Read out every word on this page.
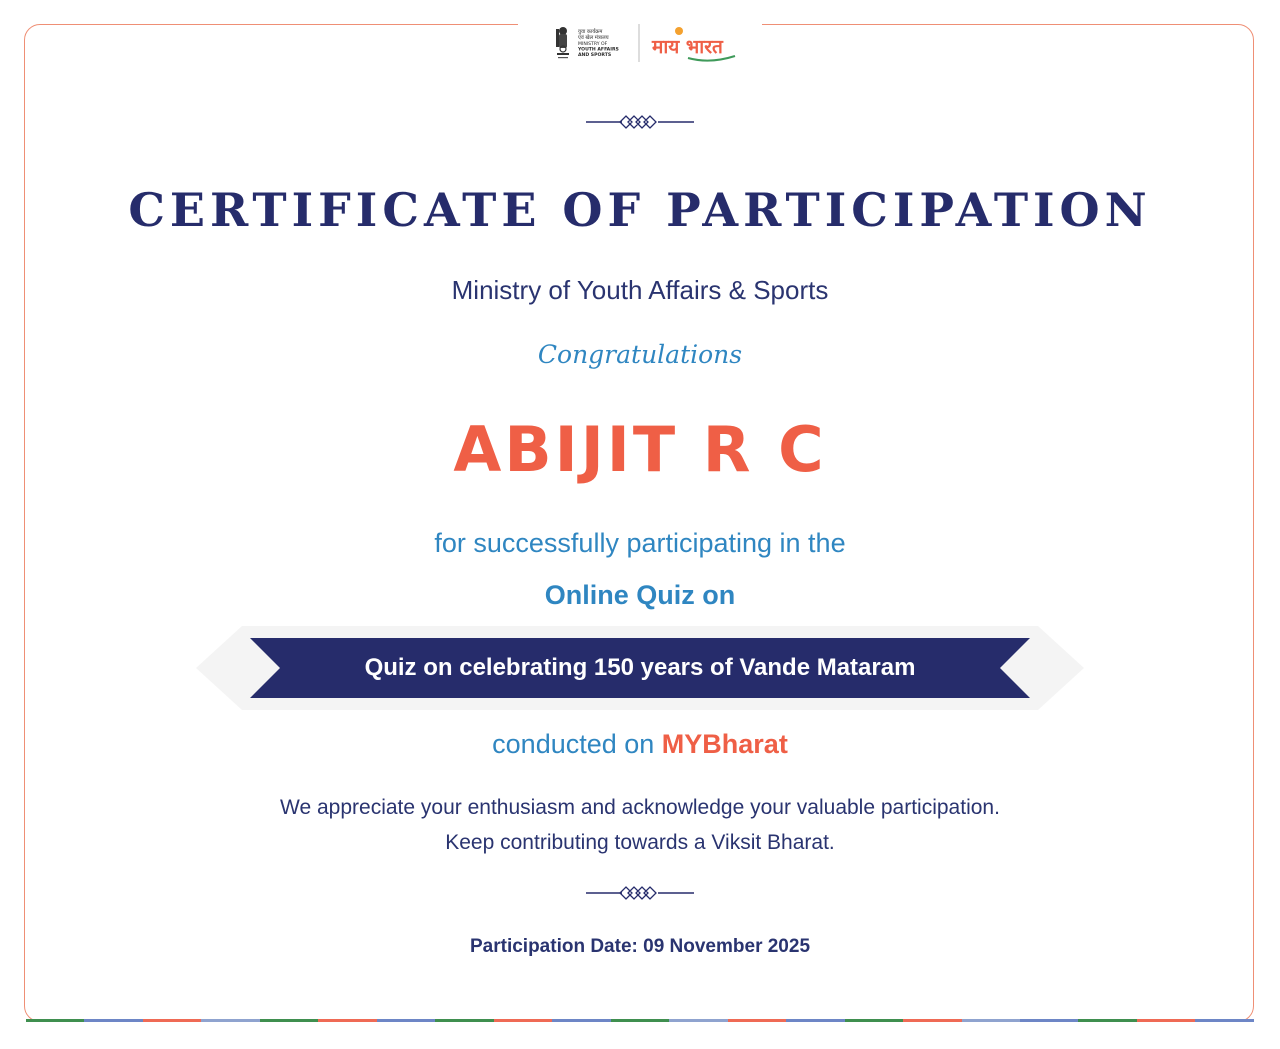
युवा कार्यक्रम
एवं खेल मंत्रालय
MINISTRY OF
YOUTH AFFAIRS
AND SPORTS माय भारत
CERTIFICATE OF PARTICIPATION

Ministry of Youth Affairs & Sports

Congratulations

ABIJIT R C

for successfully participating in the

Online Quiz on

Quiz on celebrating 150 years of Vande Mataram

conducted on MYBharat

We appreciate your enthusiasm and acknowledge your valuable participation.
Keep contributing towards a Viksit Bharat.

Participation Date: 09 November 2025
